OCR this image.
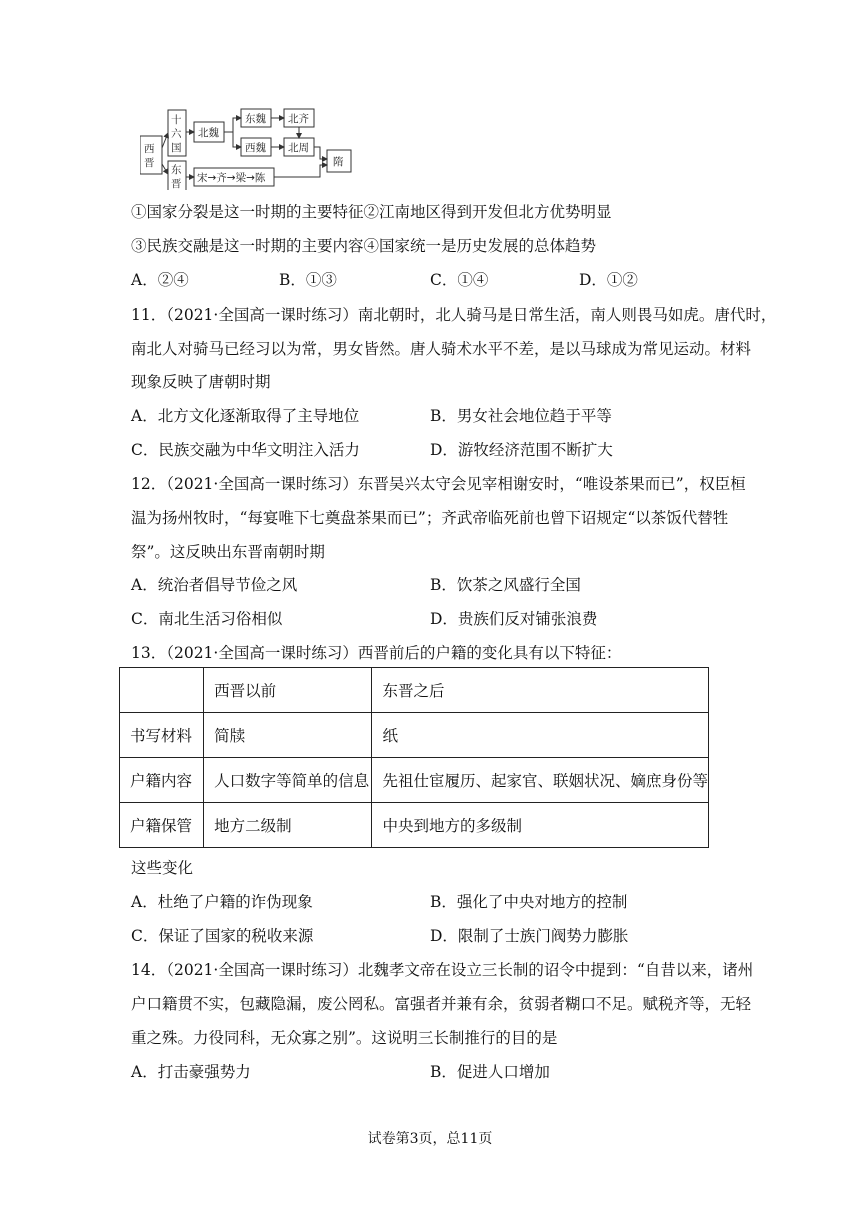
西
晋
十
六
国
东
晋
北魏
东魏 北齐
西魏 北周
宋→齐→梁→陈
隋
①国家分裂是这一时期的主要特征②江南地区得到开发但北方优势明显
③民族交融是这一时期的主要内容④国家统一是历史发展的总体趋势
A．②④	B．①③	C．①④	D．①②
11．（2021·全国高一课时练习）南北朝时，北人骑马是日常生活，南人则畏马如虎。唐代时，
南北人对骑马已经习以为常，男女皆然。唐人骑术水平不差，是以马球成为常见运动。材料
现象反映了唐朝时期
A．北方文化逐渐取得了主导地位	B．男女社会地位趋于平等
C．民族交融为中华文明注入活力	D．游牧经济范围不断扩大
12．（2021·全国高一课时练习）东晋吴兴太守会见宰相谢安时，“唯设茶果而已”，权臣桓
温为扬州牧时，“每宴唯下七奠盘茶果而已”；齐武帝临死前也曾下诏规定“以茶饭代替牲
祭”。这反映出东晋南朝时期
A．统治者倡导节俭之风	B．饮茶之风盛行全国
C．南北生活习俗相似	D．贵族们反对铺张浪费
13．（2021·全国高一课时练习）西晋前后的户籍的变化具有以下特征：
	西晋以前	东晋之后
书写材料	简牍	纸
户籍内容	人口数字等简单的信息	先祖仕宦履历、起家官、联姻状况、嫡庶身份等
户籍保管	地方二级制	中央到地方的多级制
这些变化
A．杜绝了户籍的诈伪现象	B．强化了中央对地方的控制
C．保证了国家的税收来源	D．限制了士族门阀势力膨胀
14．（2021·全国高一课时练习）北魏孝文帝在设立三长制的诏令中提到：“自昔以来，诸州
户口籍贯不实，包藏隐漏，废公罔私。富强者并兼有余，贫弱者糊口不足。赋税齐等，无轻
重之殊。力役同科，无众寡之别”。这说明三长制推行的目的是
A．打击豪强势力	B．促进人口增加
试卷第3页，总11页
